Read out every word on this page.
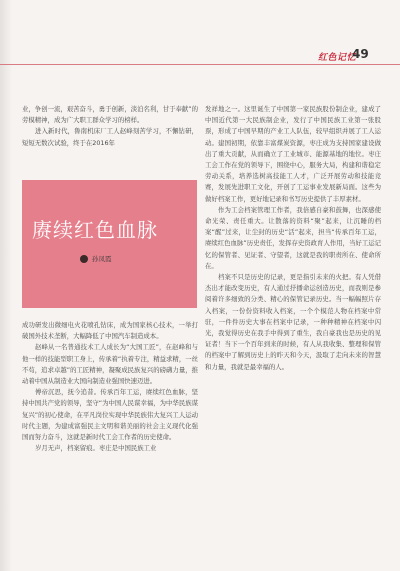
红色记忆
49

业，争创一流，艰苦奋斗，勇于创新，淡泊名利，甘于奉献”的劳模精神，成为广大职工群众学习的榜样。

进入新时代，鲁南机床厂工人赵峰刻苦学习，不懈钻研，短短无数次试验，终于在2016年

赓续红色血脉
孙凤霞

成功研发出微细电火花喷孔钻床，成为国家核心技术，一举打破国外技术垄断，大幅降低了中国汽车制造成本。

赵峰从一名普通技术工人成长为“大国工匠”，在赵峰和与他一样的技能型职工身上，传承着“执着专注，精益求精，一丝不苟，追求卓越”的工匠精神，凝聚成民族复兴的磅礴力量，推动着中国从制造业大国向制造业强国快速迈进。

傅帝沉思，抚今追昔。传承百年工运，赓续红色血脉，坚持中国共产党的领导，坚守“为中国人民谋幸福，为中华民族谋复兴”的初心使命，在平凡岗位实现中华民族伟大复兴工人运动时代主题，为建成富强民主文明和谐美丽的社会主义现代化强国而努力奋斗，这就是新时代工会工作者的历史使命。

岁月无声，档案留痕。枣庄是中国民族工业

发祥地之一。这里诞生了中国第一家民族股份制企业，建成了中国近代第一大民族制企业，发行了中国民族工业第一张股票，形成了中国早期的产业工人队伍，较早组织并展了工人运动。建国初期，依靠丰富煤炭资源，枣庄成为支持国家建设做出了重大贡献，从而确立了工业城市、能源基地的地位。枣庄工会工作在党的领导下，围绕中心，服务大局，构建和谐稳定劳动关系，培养选树高技能工人才，广泛开展劳动和技能竞赛，发展先进职工文化，开创了工运事业发展新局面。这些为做好档案工作，更好地记录和书写历史提供了丰厚素材。

作为工会档案管理工作者，我倍感自豪和鼓舞，也深感使命光荣、责任重大。让散落的资料“聚”起来，让沉睡的档案“醒”过来，让尘封的历史“活”起来，担当“传承百年工运，赓续红色血脉”历史责任，发挥存史资政育人作用，当好工运记忆的保管者、见证者、守望者，这就是我的职责所在、使命所在。

档案不只是历史的记录，更是指引未来的火把。有人凭借杰出才能改变历史，有人通过抒播命运创造历史，而我则是参阅着许多细致的分类、精心的保管记录历史。当一幅幅照片存入档案，一份份资料收入档案，一个个模范人物在档案中常驻，一件件历史大事在档案中记录，一种种精神在档案中闪光，我觉得历史在我手中得到了重生，我自豪我也是历史的见证者！当下一个百年到来的时候，有人从我收集、整理和保管的档案中了解到历史上的昨天和今天，汲取了走向未来的智慧和力量，我就是最幸福的人。
